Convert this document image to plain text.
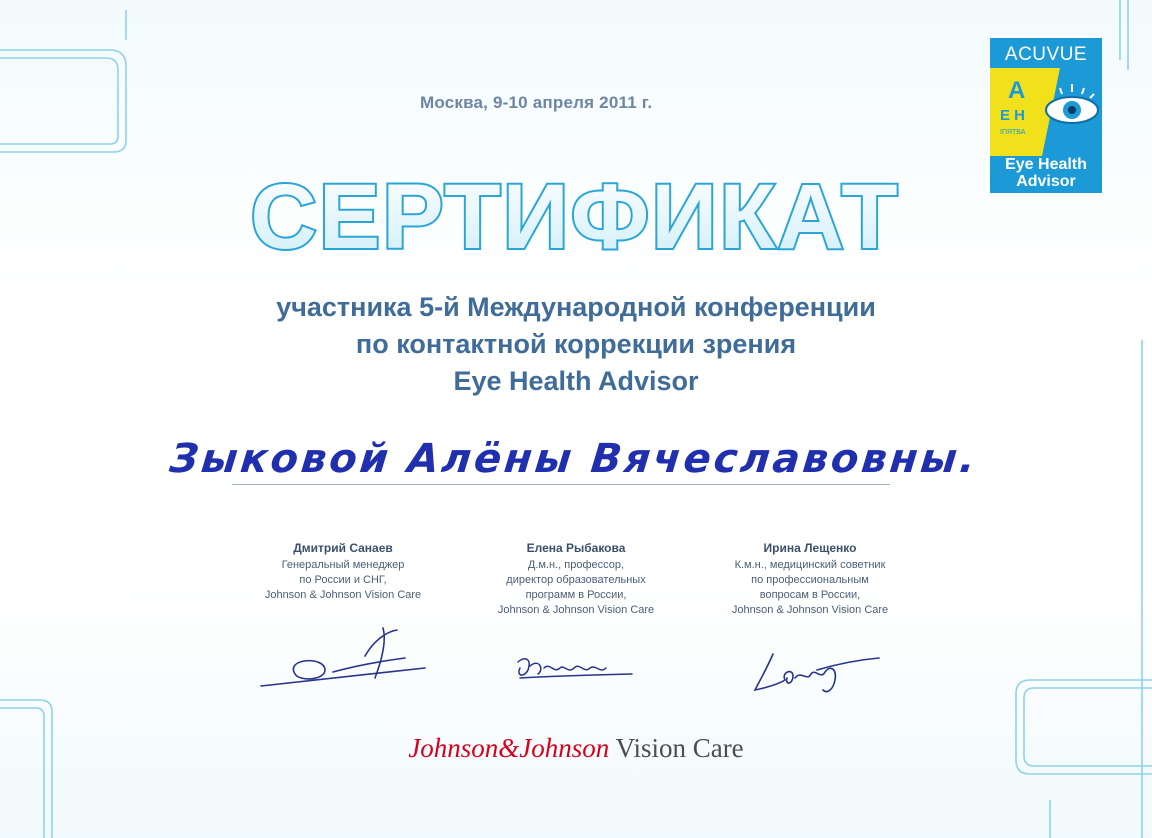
Москва, 9-10 апреля 2011 г.
СЕРТИФИКАТ
участника 5-й Международной конференции
по контактной коррекции зрения
Eye Health Advisor
Зыковой Алёны Вячеславовны.
Дмитрий Санаев
Генеральный менеджер
по России и СНГ,
Johnson & Johnson Vision Care
Елена Рыбакова
Д.м.н., профессор,
директор образовательных
программ в России,
Johnson & Johnson Vision Care
Ирина Лещенко
К.м.н., медицинский советник
по профессиональным
вопросам в России,
Johnson & Johnson Vision Care
ACUVUE
А
Е Н
ІПЯТВА
Eye Health
Advisor
Johnson&Johnson Vision Care
